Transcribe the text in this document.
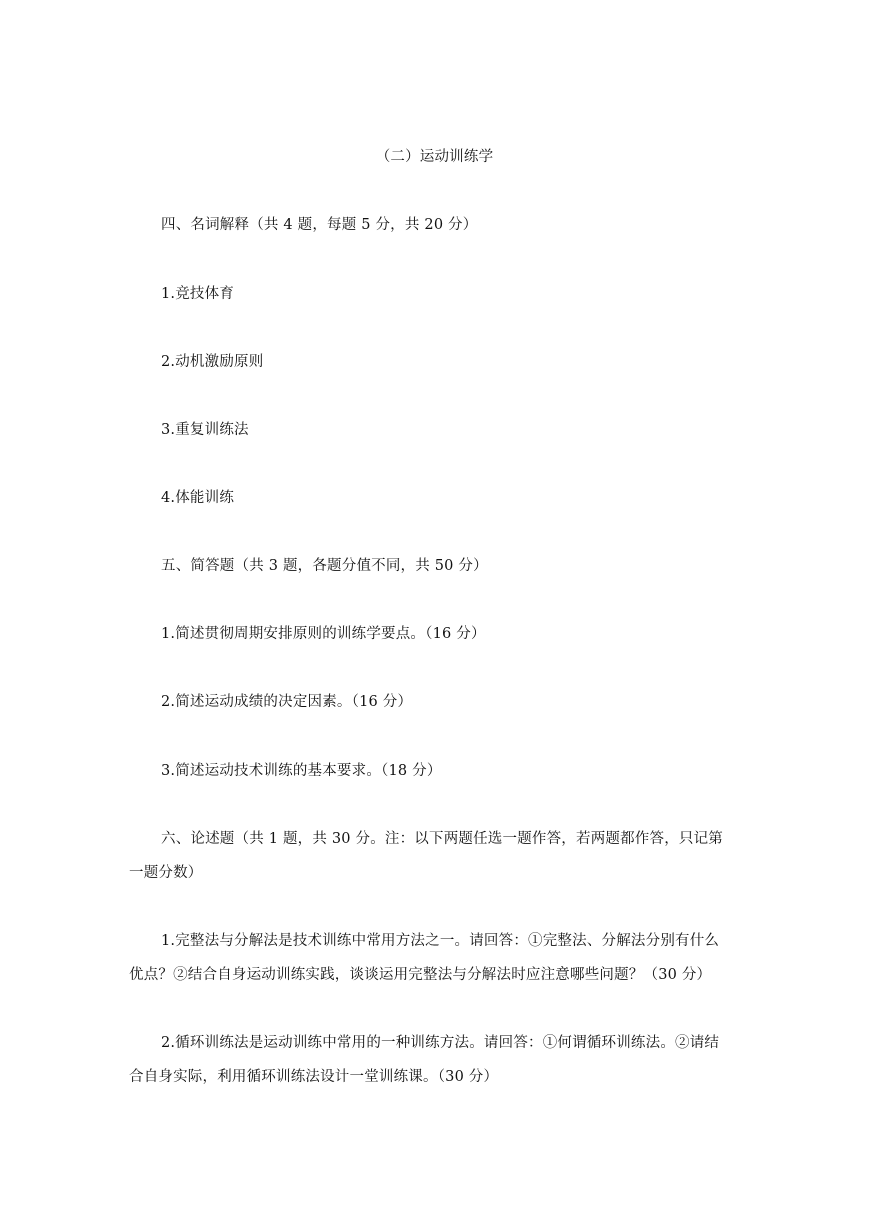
（二）运动训练学
四、名词解释（共 4 题，每题 5 分，共 20 分）
1.竞技体育
2.动机激励原则
3.重复训练法
4.体能训练
五、简答题（共 3 题，各题分值不同，共 50 分）
1.简述贯彻周期安排原则的训练学要点。（16 分）
2.简述运动成绩的决定因素。（16 分）
3.简述运动技术训练的基本要求。（18 分）
六、论述题（共 1 题，共 30 分。注：以下两题任选一题作答，若两题都作答，只记第
一题分数）
1.完整法与分解法是技术训练中常用方法之一。请回答：①完整法、分解法分别有什么
优点？②结合自身运动训练实践，谈谈运用完整法与分解法时应注意哪些问题？（30 分）
2.循环训练法是运动训练中常用的一种训练方法。请回答：①何谓循环训练法。②请结
合自身实际，利用循环训练法设计一堂训练课。（30 分）
